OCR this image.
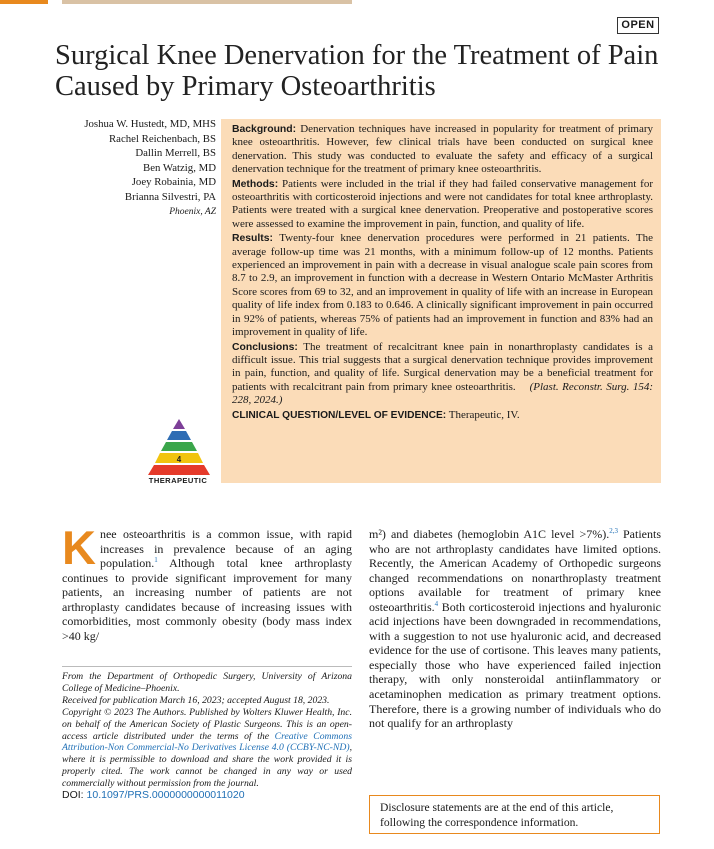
OPEN
Surgical Knee Denervation for the Treatment of Pain Caused by Primary Osteoarthritis
Joshua W. Hustedt, MD, MHS
Rachel Reichenbach, BS
Dallin Merrell, BS
Ben Watzig, MD
Joey Robainia, MD
Brianna Silvestri, PA
Phoenix, AZ

Background: Denervation techniques have increased in popularity for treatment of primary knee osteoarthritis. However, few clinical trials have been conducted on surgical knee denervation. This study was conducted to evaluate the safety and efficacy of a surgical denervation technique for the treatment of primary knee osteoarthritis.

Methods: Patients were included in the trial if they had failed conservative management for osteoarthritis with corticosteroid injections and were not candidates for total knee arthroplasty. Patients were treated with a surgical knee denervation. Preoperative and postoperative scores were assessed to examine the improvement in pain, function, and quality of life.

Results: Twenty-four knee denervation procedures were performed in 21 patients. The average follow-up time was 21 months, with a minimum follow-up of 12 months. Patients experienced an improvement in pain with a decrease in visual analogue scale pain scores from 8.7 to 2.9, an improvement in function with a decrease in Western Ontario McMaster Arthritis Score scores from 69 to 32, and an improvement in quality of life with an increase in European quality of life index from 0.183 to 0.646. A clinically significant improvement in pain occurred in 92% of patients, whereas 75% of patients had an improvement in function and 83% had an improvement in quality of life.

Conclusions: The treatment of recalcitrant knee pain in nonarthroplasty candidates is a difficult issue. This trial suggests that a surgical denervation technique provides improvement in pain, function, and quality of life. Surgical denervation may be a beneficial treatment for patients with recalcitrant pain from primary knee osteoarthritis. (Plast. Reconstr. Surg. 154: 228, 2024.)

CLINICAL QUESTION/LEVEL OF EVIDENCE: Therapeutic, IV.

4
THERAPEUTIC
Knee osteoarthritis is a common issue, with rapid increases in prevalence because of an aging population.$^1$ Although total knee arthroplasty continues to provide significant improvement for many patients, an increasing number of patients are not arthroplasty candidates because of increasing issues with comorbidities, most commonly obesity (body mass index >40 kg/

From the Department of Orthopedic Surgery, University of Arizona College of Medicine–Phoenix.

Received for publication March 16, 2023; accepted August 18, 2023.

Copyright © 2023 The Authors. Published by Wolters Kluwer Health, Inc. on behalf of the American Society of Plastic Surgeons. This is an open-access article distributed under the terms of the Creative Commons Attribution-Non Commercial-No Derivatives License 4.0 (CCBY-NC-ND), where it is permissible to download and share the work provided it is properly cited. The work cannot be changed in any way or used commercially without permission from the journal.

DOI: 10.1097/PRS.0000000000011020

m²) and diabetes (hemoglobin A1C level >7%).$^{2,3}$ Patients who are not arthroplasty candidates have limited options. Recently, the American Academy of Orthopedic surgeons changed recommendations on nonarthroplasty treatment options available for treatment of primary knee osteoarthritis.$^4$ Both corticosteroid injections and hyaluronic acid injections have been downgraded in recommendations, with a suggestion to not use hyaluronic acid, and decreased evidence for the use of cortisone. This leaves many patients, especially those who have experienced failed injection therapy, with only nonsteroidal antiinflammatory or acetaminophen medication as primary treatment options. Therefore, there is a growing number of individuals who do not qualify for an arthroplasty
Disclosure statements are at the end of this article, following the correspondence information.
